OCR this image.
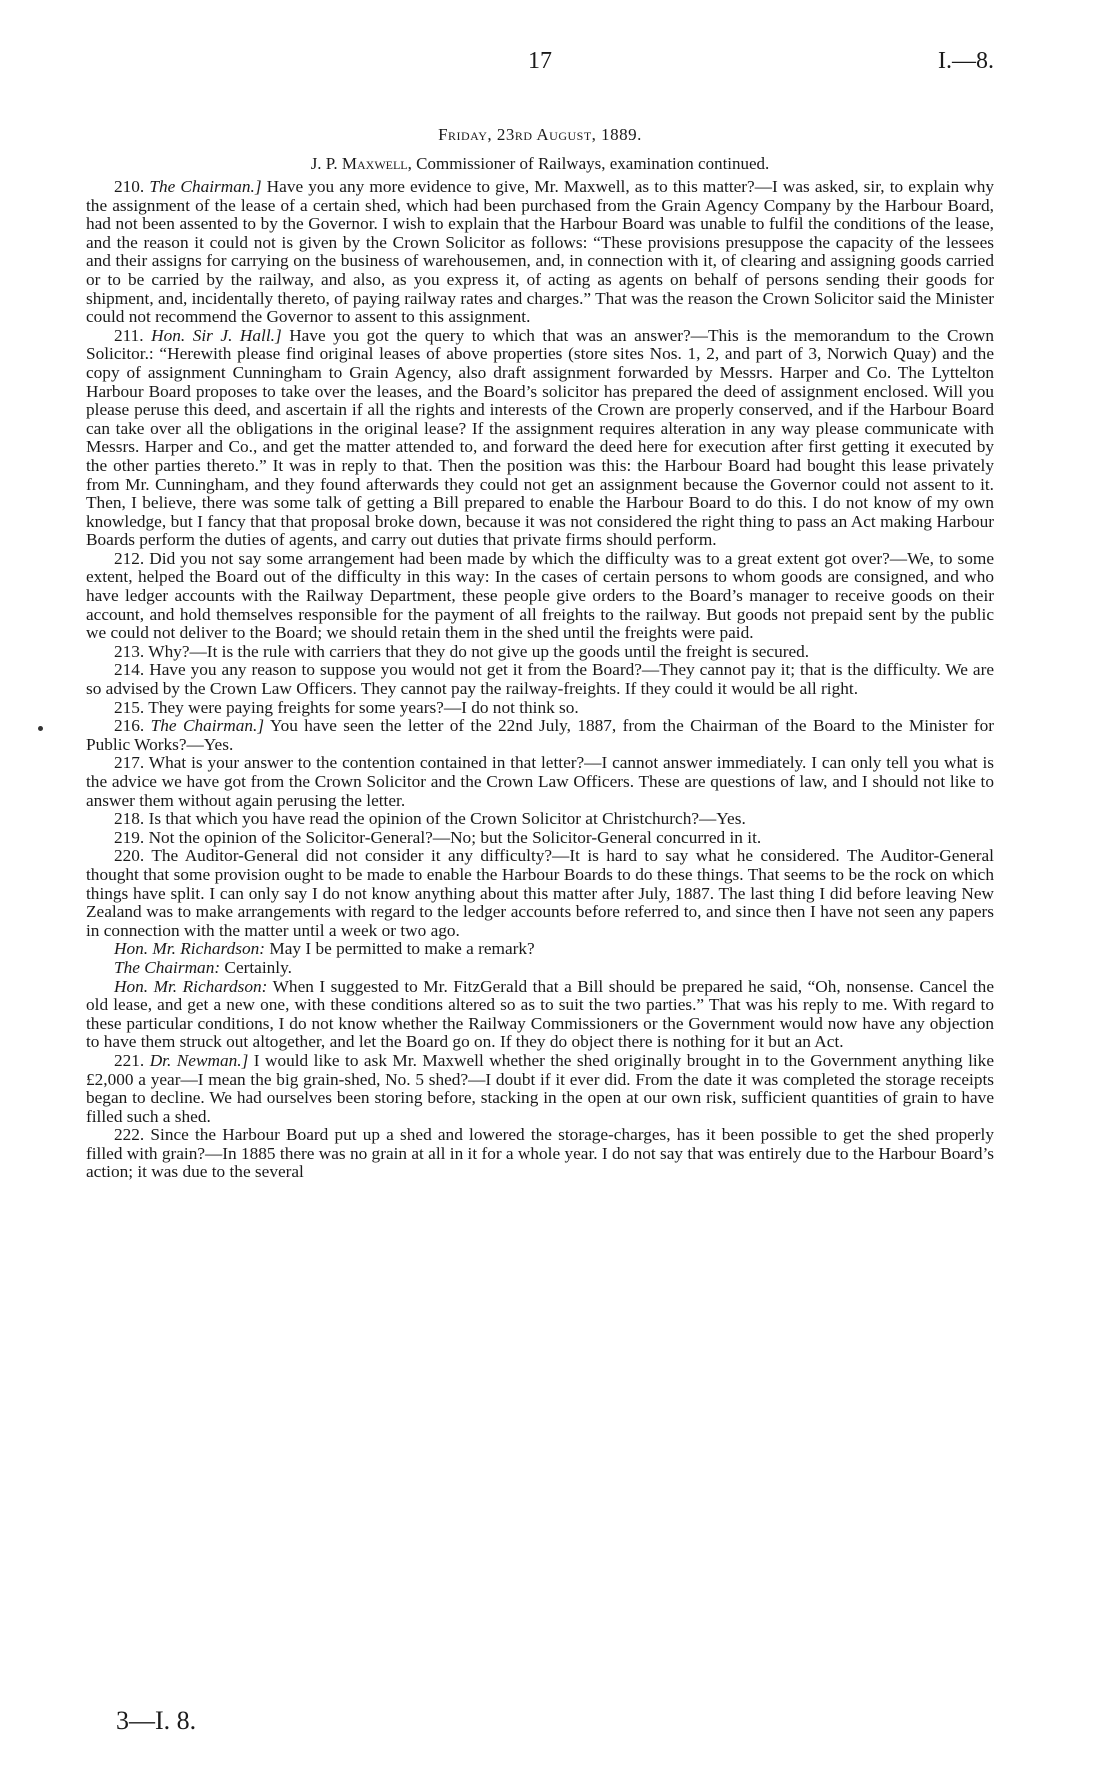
17	I.—8.
Friday, 23rd August, 1889.
J. P. Maxwell, Commissioner of Railways, examination continued.

210. The Chairman.] Have you any more evidence to give, Mr. Maxwell, as to this matter?—I was asked, sir, to explain why the assignment of the lease of a certain shed, which had been purchased from the Grain Agency Company by the Harbour Board, had not been assented to by the Governor. I wish to explain that the Harbour Board was unable to fulfil the conditions of the lease, and the reason it could not is given by the Crown Solicitor as follows: “These provisions presuppose the capacity of the lessees and their assigns for carrying on the business of warehousemen, and, in connection with it, of clearing and assigning goods carried or to be carried by the railway, and also, as you express it, of acting as agents on behalf of persons sending their goods for shipment, and, incidentally thereto, of paying railway rates and charges.” That was the reason the Crown Solicitor said the Minister could not recommend the Governor to assent to this assignment.

211. Hon. Sir J. Hall.] Have you got the query to which that was an answer?—This is the memorandum to the Crown Solicitor.: “Herewith please find original leases of above properties (store sites Nos. 1, 2, and part of 3, Norwich Quay) and the copy of assignment Cunningham to Grain Agency, also draft assignment forwarded by Messrs. Harper and Co. The Lyttelton Harbour Board proposes to take over the leases, and the Board’s solicitor has prepared the deed of assignment enclosed. Will you please peruse this deed, and ascertain if all the rights and interests of the Crown are properly conserved, and if the Harbour Board can take over all the obligations in the original lease? If the assignment requires alteration in any way please communicate with Messrs. Harper and Co., and get the matter attended to, and forward the deed here for execution after first getting it executed by the other parties thereto.” It was in reply to that. Then the position was this: the Harbour Board had bought this lease privately from Mr. Cunningham, and they found afterwards they could not get an assignment because the Governor could not assent to it. Then, I believe, there was some talk of getting a Bill prepared to enable the Harbour Board to do this. I do not know of my own knowledge, but I fancy that that proposal broke down, because it was not considered the right thing to pass an Act making Harbour Boards perform the duties of agents, and carry out duties that private firms should perform.

212. Did you not say some arrangement had been made by which the difficulty was to a great extent got over?—We, to some extent, helped the Board out of the difficulty in this way: In the cases of certain persons to whom goods are consigned, and who have ledger accounts with the Railway Department, these people give orders to the Board’s manager to receive goods on their account, and hold themselves responsible for the payment of all freights to the railway. But goods not prepaid sent by the public we could not deliver to the Board; we should retain them in the shed until the freights were paid.

213. Why?—It is the rule with carriers that they do not give up the goods until the freight is secured.

214. Have you any reason to suppose you would not get it from the Board?—They cannot pay it; that is the difficulty. We are so advised by the Crown Law Officers. They cannot pay the railway-freights. If they could it would be all right.

215. They were paying freights for some years?—I do not think so.

216. The Chairman.] You have seen the letter of the 22nd July, 1887, from the Chairman of the Board to the Minister for Public Works?—Yes.

217. What is your answer to the contention contained in that letter?—I cannot answer immediately. I can only tell you what is the advice we have got from the Crown Solicitor and the Crown Law Officers. These are questions of law, and I should not like to answer them without again perusing the letter.

218. Is that which you have read the opinion of the Crown Solicitor at Christchurch?—Yes.

219. Not the opinion of the Solicitor-General?—No; but the Solicitor-General concurred in it.

220. The Auditor-General did not consider it any difficulty?—It is hard to say what he considered. The Auditor-General thought that some provision ought to be made to enable the Harbour Boards to do these things. That seems to be the rock on which things have split. I can only say I do not know anything about this matter after July, 1887. The last thing I did before leaving New Zealand was to make arrangements with regard to the ledger accounts before referred to, and since then I have not seen any papers in connection with the matter until a week or two ago.

Hon. Mr. Richardson: May I be permitted to make a remark?

The Chairman: Certainly.

Hon. Mr. Richardson: When I suggested to Mr. FitzGerald that a Bill should be prepared he said, “Oh, nonsense. Cancel the old lease, and get a new one, with these conditions altered so as to suit the two parties.” That was his reply to me. With regard to these particular conditions, I do not know whether the Railway Commissioners or the Government would now have any objection to have them struck out altogether, and let the Board go on. If they do object there is nothing for it but an Act.

221. Dr. Newman.] I would like to ask Mr. Maxwell whether the shed originally brought in to the Government anything like £2,000 a year—I mean the big grain-shed, No. 5 shed?—I doubt if it ever did. From the date it was completed the storage receipts began to decline. We had ourselves been storing before, stacking in the open at our own risk, sufficient quantities of grain to have filled such a shed.

222. Since the Harbour Board put up a shed and lowered the storage-charges, has it been possible to get the shed properly filled with grain?—In 1885 there was no grain at all in it for a whole year. I do not say that was entirely due to the Harbour Board’s action; it was due to the several

3—I. 8.
